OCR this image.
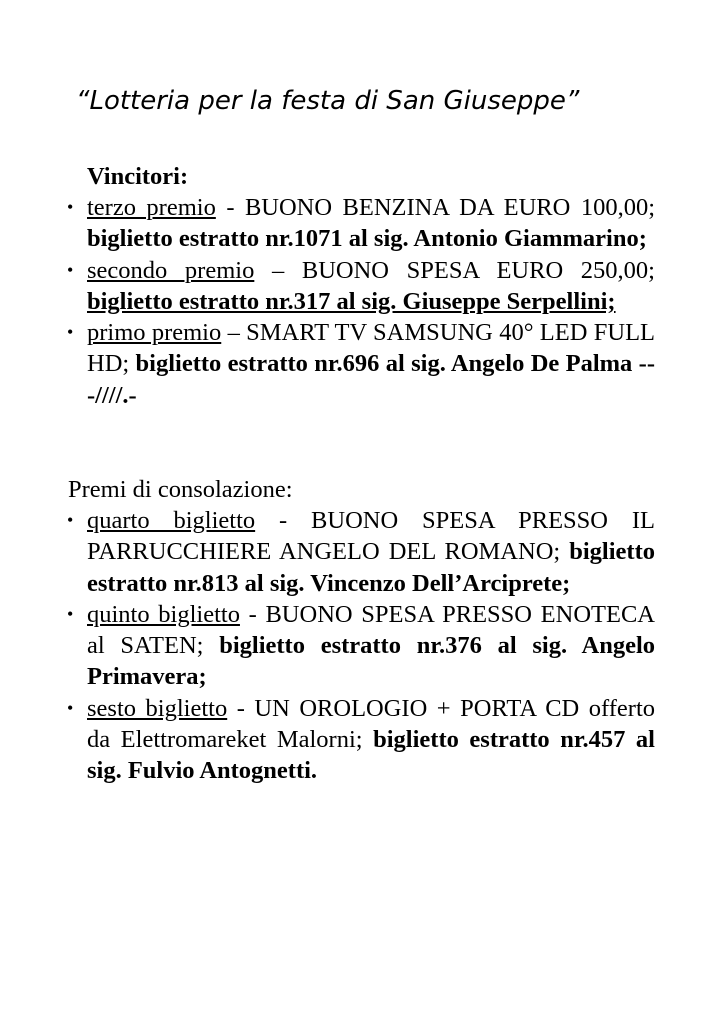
“Lotteria per la festa di San Giuseppe”
Vincitori:
• terzo premio - BUONO BENZINA DA EURO 100,00; biglietto estratto nr.1071 al sig. Antonio Giammarino;
• secondo premio – BUONO SPESA EURO 250,00; biglietto estratto nr.317 al sig. Giuseppe Serpellini;
• primo premio – SMART TV SAMSUNG 40° LED FULL HD; biglietto estratto nr.696 al sig. Angelo De Palma ---////.-
Premi di consolazione:
• quarto biglietto - BUONO SPESA PRESSO IL PARRUCCHIERE ANGELO DEL ROMANO; biglietto estratto nr.813 al sig. Vincenzo Dell’Arciprete;
• quinto biglietto - BUONO SPESA PRESSO ENOTECA al SATEN; biglietto estratto nr.376 al sig. Angelo Primavera;
• sesto biglietto - UN OROLOGIO + PORTA CD offerto da Elettromareket Malorni; biglietto estratto nr.457 al sig. Fulvio Antognetti.
